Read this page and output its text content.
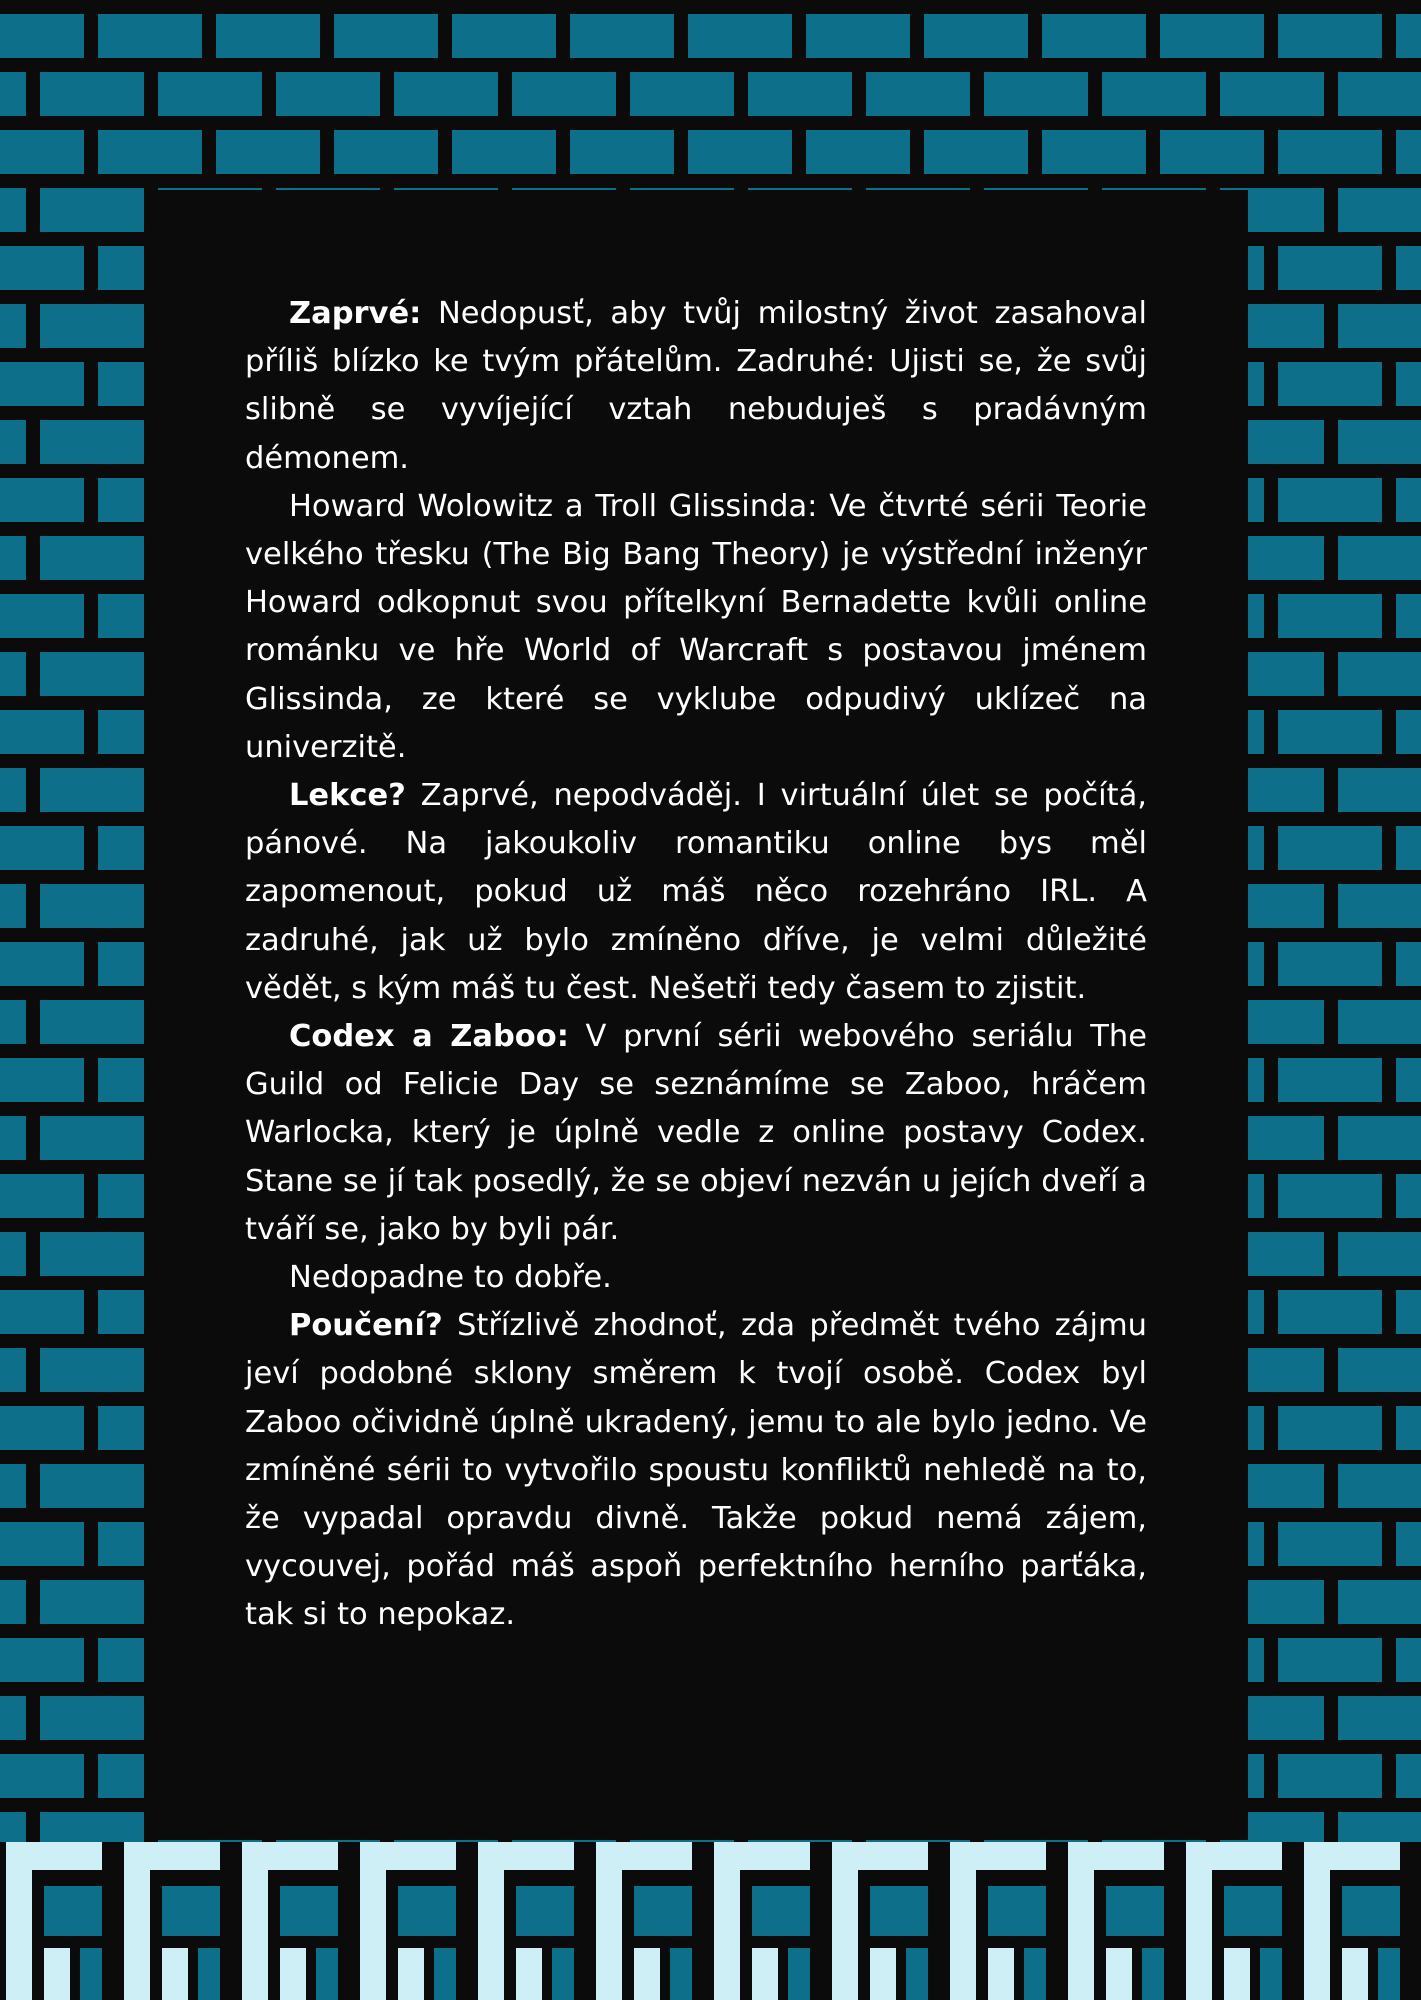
Zaprvé: Nedopusť, aby tvůj milostný život zasahoval příliš blízko ke tvým přátelům. Zadruhé: Ujisti se, že svůj slibně se vyvíjející vztah nebuduješ s pradávným démonem.

Howard Wolowitz a Troll Glissinda: Ve čtvrté sérii Teorie velkého třesku (The Big Bang Theory) je výstřední inženýr Howard odkopnut svou přítelkyní Bernadette kvůli online románku ve hře World of Warcraft s postavou jménem Glissinda, ze které se vyklube odpudivý uklízeč na univerzitě.

Lekce? Zaprvé, nepodváděj. I virtuální úlet se počítá, pánové. Na jakoukoliv romantiku online bys měl zapomenout, pokud už máš něco rozehráno IRL. A zadruhé, jak už bylo zmíněno dříve, je velmi důležité vědět, s kým máš tu čest. Nešetři tedy časem to zjistit.

Codex a Zaboo: V první sérii webového seriálu The Guild od Felicie Day se seznámíme se Zaboo, hráčem Warlocka, který je úplně vedle z online postavy Codex. Stane se jí tak posedlý, že se objeví nezván u jejích dveří a tváří se, jako by byli pár.

Nedopadne to dobře.

Poučení? Střízlivě zhodnoť, zda předmět tvého zájmu jeví podobné sklony směrem k tvojí osobě. Codex byl Zaboo očividně úplně ukradený, jemu to ale bylo jedno. Ve zmíněné sérii to vytvořilo spoustu konfliktů nehledě na to, že vypadal opravdu divně. Takže pokud nemá zájem, vycouvej, pořád máš aspoň perfektního herního parťáka, tak si to nepokaz.
